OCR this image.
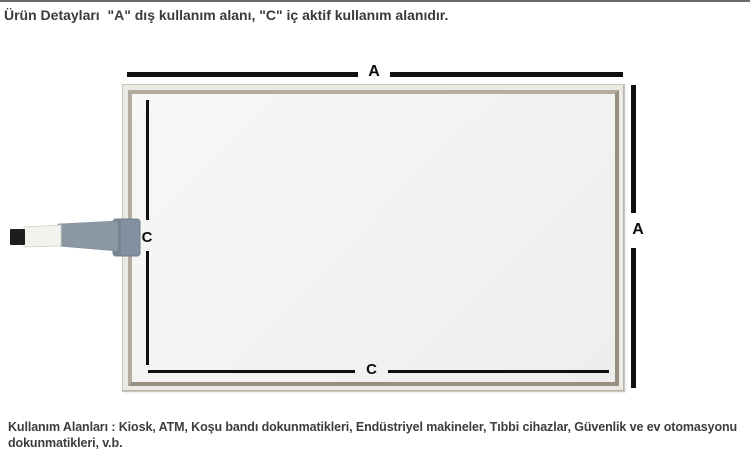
Ürün Detayları  "A" dış kullanım alanı, "C" iç aktif kullanım alanıdır.
A
A
C
C
Kullanım Alanları : Kiosk, ATM, Koşu bandı dokunmatikleri, Endüstriyel makineler, Tıbbi cihazlar, Güvenlik ve ev otomasyonu dokunmatikleri, v.b.
